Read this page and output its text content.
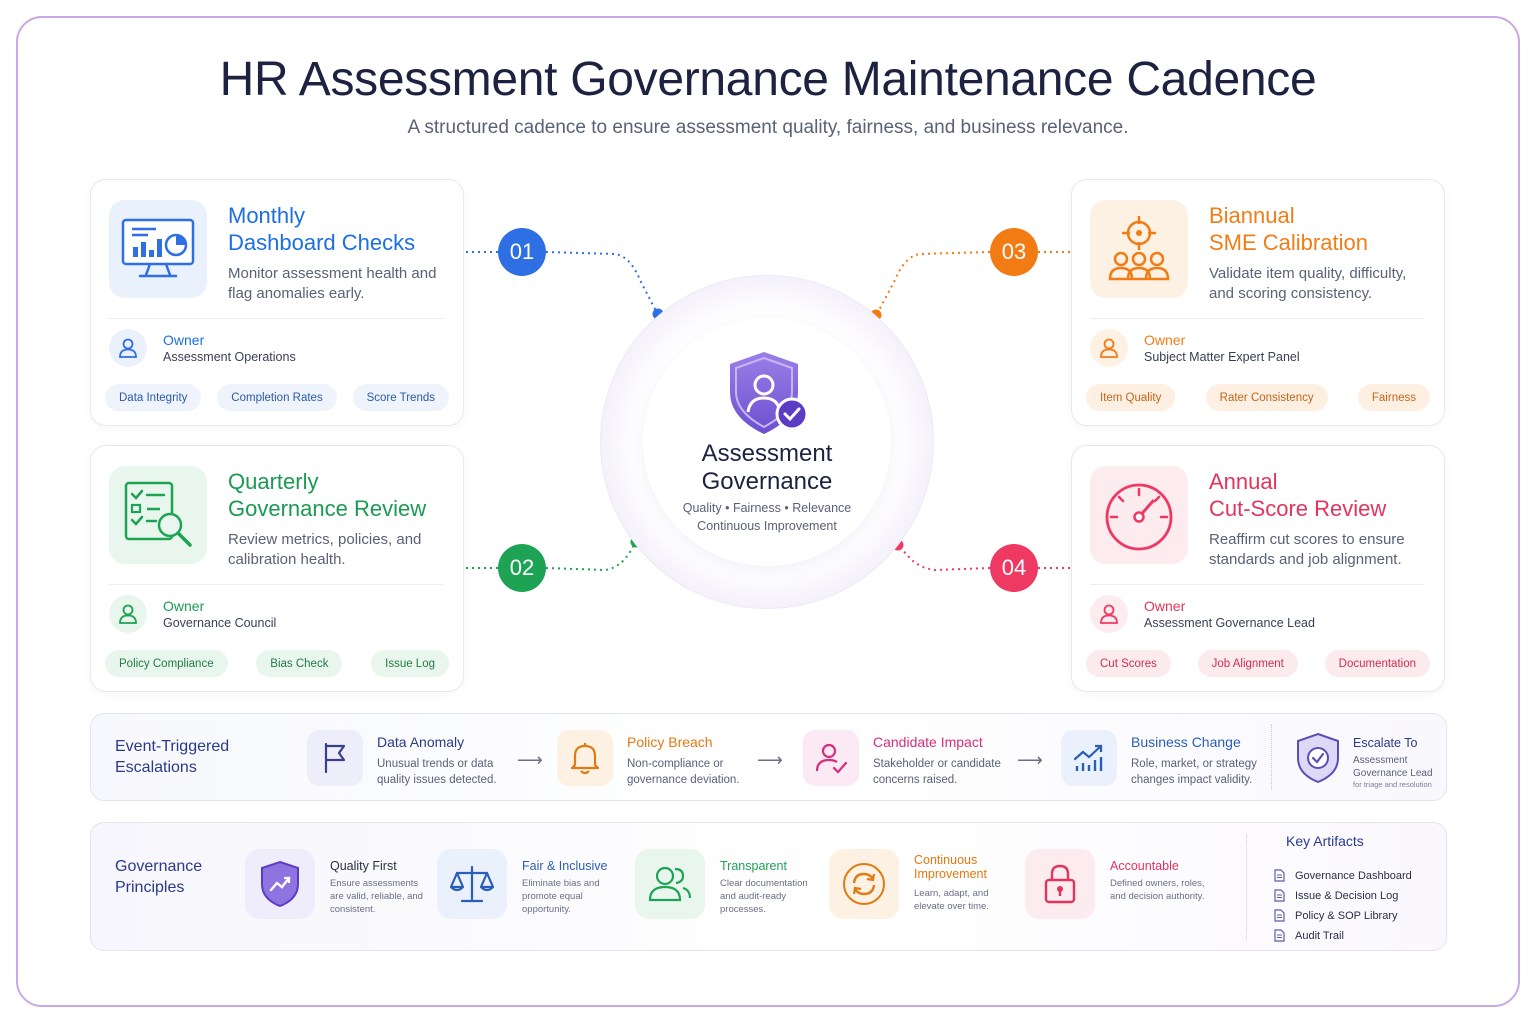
HR Assessment Governance Maintenance Cadence
A structured cadence to ensure assessment quality, fairness, and business relevance.
01
02
03
04
Assessment
Governance
Quality • Fairness • Relevance
Continuous Improvement
Monthly
Dashboard Checks
Monitor assessment health and flag anomalies early.
Owner
Assessment Operations
Data Integrity	Completion Rates	Score Trends
Quarterly
Governance Review
Review metrics, policies, and calibration health.
Owner
Governance Council
Policy Compliance	Bias Check	Issue Log
Biannual
SME Calibration
Validate item quality, difficulty, and scoring consistency.
Owner
Subject Matter Expert Panel
Item Quality	Rater Consistency	Fairness
Annual
Cut-Score Review
Reaffirm cut scores to ensure standards and job alignment.
Owner
Assessment Governance Lead
Cut Scores	Job Alignment	Documentation
Event-Triggered
Escalations
Data Anomaly
Unusual trends or data quality issues detected.
⟶
Policy Breach
Non-compliance or governance deviation.
⟶
Candidate Impact
Stakeholder or candidate concerns raised.
⟶
Business Change
Role, market, or strategy changes impact validity.
Escalate To
Assessment Governance Lead
for triage and resolution
Governance
Principles
Quality First
Ensure assessments are valid, reliable, and consistent.
Fair & Inclusive
Eliminate bias and promote equal opportunity.
Transparent
Clear documentation and audit-ready processes.
Continuous
Improvement
Learn, adapt, and elevate over time.
Accountable
Defined owners, roles, and decision authority.
Key Artifacts
Governance Dashboard
Issue & Decision Log
Policy & SOP Library
Audit Trail
